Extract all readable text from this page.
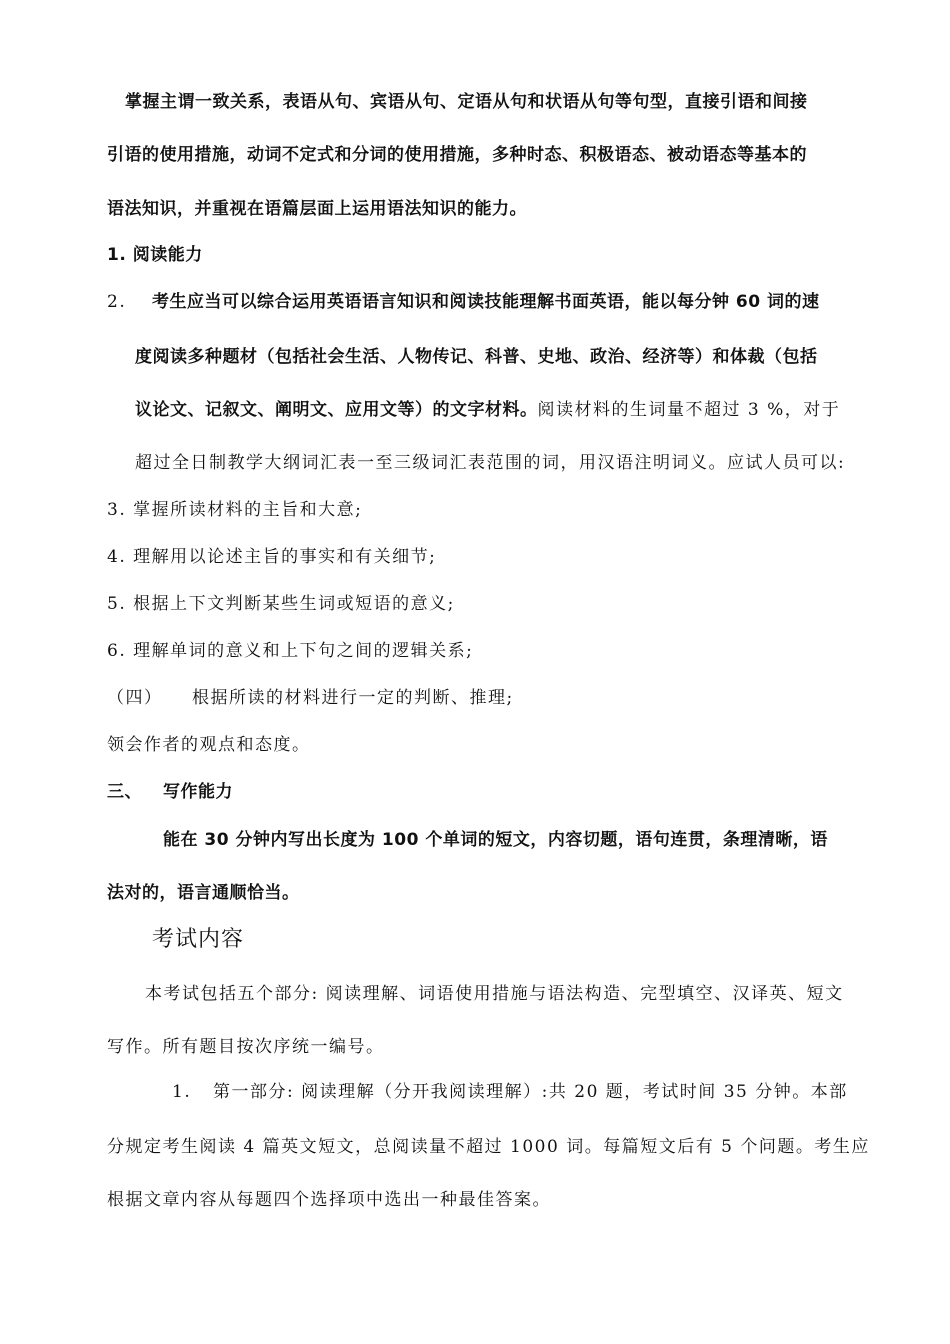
掌握主谓一致关系，表语从句、宾语从句、定语从句和状语从句等句型，直接引语和间接
引语的使用措施，动词不定式和分词的使用措施，多种时态、积极语态、被动语态等基本的
语法知识，并重视在语篇层面上运用语法知识的能力。
1. 阅读能力
2. 考生应当可以综合运用英语语言知识和阅读技能理解书面英语，能以每分钟 60 词的速
度阅读多种题材（包括社会生活、人物传记、科普、史地、政治、经济等）和体裁（包括
议论文、记叙文、阐明文、应用文等）的文字材料。阅读材料的生词量不超过 3 %，对于
超过全日制教学大纲词汇表一至三级词汇表范围的词，用汉语注明词义。应试人员可以:
3. 掌握所读材料的主旨和大意;
4. 理解用以论述主旨的事实和有关细节;
5. 根据上下文判断某些生词或短语的意义;
6. 理解单词的意义和上下句之间的逻辑关系;
（四） 根据所读的材料进行一定的判断、推理;
领会作者的观点和态度。
三、 写作能力
能在 30 分钟内写出长度为 100 个单词的短文，内容切题，语句连贯，条理清晰，语
法对的，语言通顺恰当。
考试内容
本考试包括五个部分: 阅读理解、词语使用措施与语法构造、完型填空、汉译英、短文
写作。所有题目按次序统一编号。
1. 第一部分: 阅读理解（分开我阅读理解）:共 20 题，考试时间 35 分钟。本部
分规定考生阅读 4 篇英文短文，总阅读量不超过 1000 词。每篇短文后有 5 个问题。考生应
根据文章内容从每题四个选择项中选出一种最佳答案。
